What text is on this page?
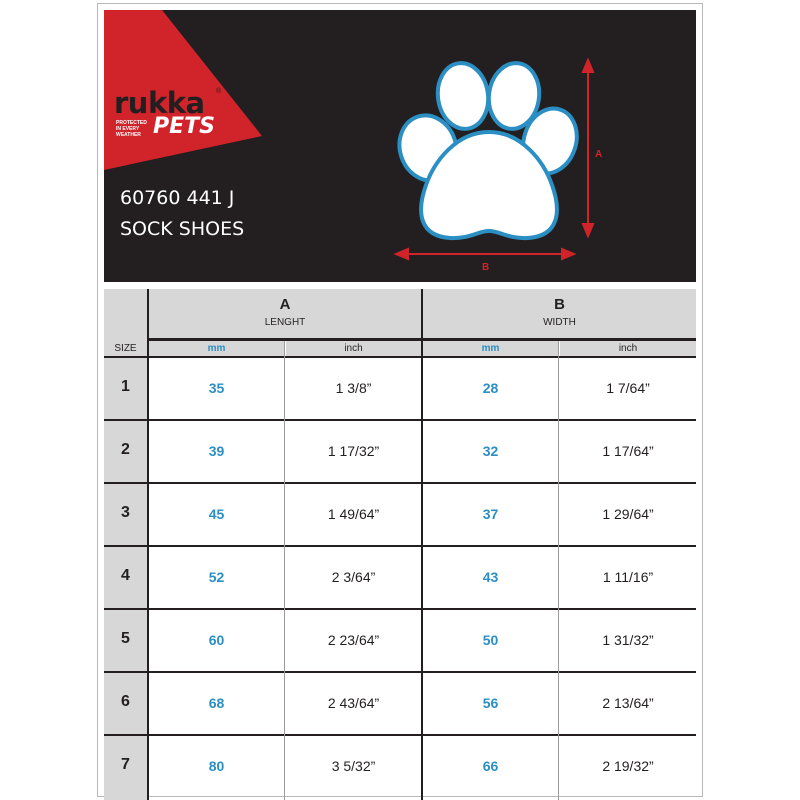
rukka ®
PROTECTED
IN EVERY
WEATHER PETS
60760 441 J
SOCK SHOES
A
B
SIZE
A
LENGHT
B
WIDTH
mm	inch	mm	inch
1	35	1 3/8”	28	1 7/64”
2	39	1 17/32”	32	1 17/64”
3	45	1 49/64”	37	1 29/64”
4	52	2 3/64”	43	1 11/16”
5	60	2 23/64”	50	1 31/32”
6	68	2 43/64”	56	2 13/64”
7	80	3 5/32”	66	2 19/32”
